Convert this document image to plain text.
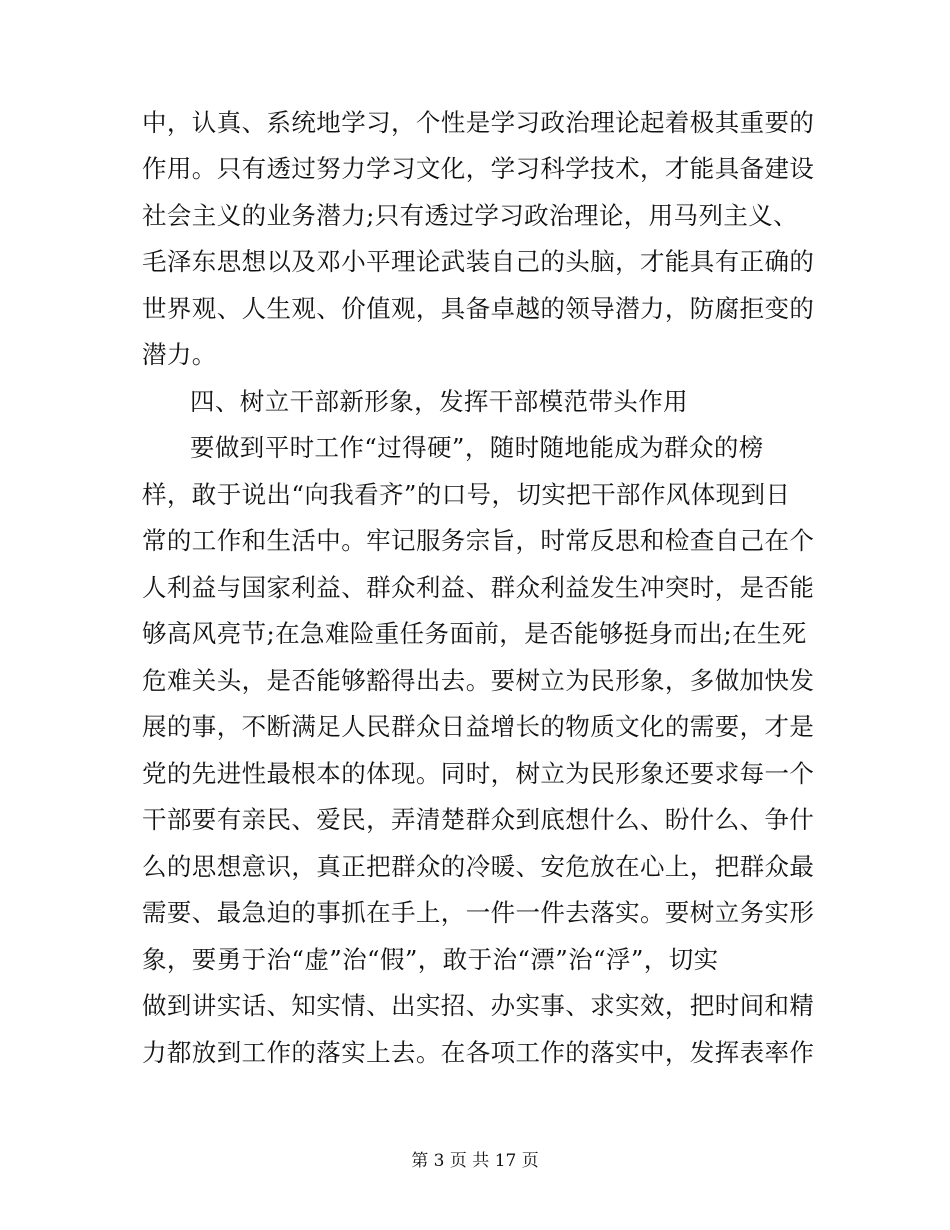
中，认真、系统地学习，个性是学习政治理论起着极其重要的
作用。只有透过努力学习文化，学习科学技术，才能具备建设
社会主义的业务潜力;只有透过学习政治理论，用马列主义、
毛泽东思想以及邓小平理论武装自己的头脑，才能具有正确的
世界观、人生观、价值观，具备卓越的领导潜力，防腐拒变的
潜力。
四、树立干部新形象，发挥干部模范带头作用
要做到平时工作“过得硬”，随时随地能成为群众的榜
样，敢于说出“向我看齐”的口号，切实把干部作风体现到日
常的工作和生活中。牢记服务宗旨，时常反思和检查自己在个
人利益与国家利益、群众利益、群众利益发生冲突时，是否能
够高风亮节;在急难险重任务面前，是否能够挺身而出;在生死
危难关头，是否能够豁得出去。要树立为民形象，多做加快发
展的事，不断满足人民群众日益增长的物质文化的需要，才是
党的先进性最根本的体现。同时，树立为民形象还要求每一个
干部要有亲民、爱民，弄清楚群众到底想什么、盼什么、争什
么的思想意识，真正把群众的冷暖、安危放在心上，把群众最
需要、最急迫的事抓在手上，一件一件去落实。要树立务实形
象，要勇于治“虚”治“假”，敢于治“漂”治“浮”，切实
做到讲实话、知实情、出实招、办实事、求实效，把时间和精
力都放到工作的落实上去。在各项工作的落实中，发挥表率作
第 3 页 共 17 页
